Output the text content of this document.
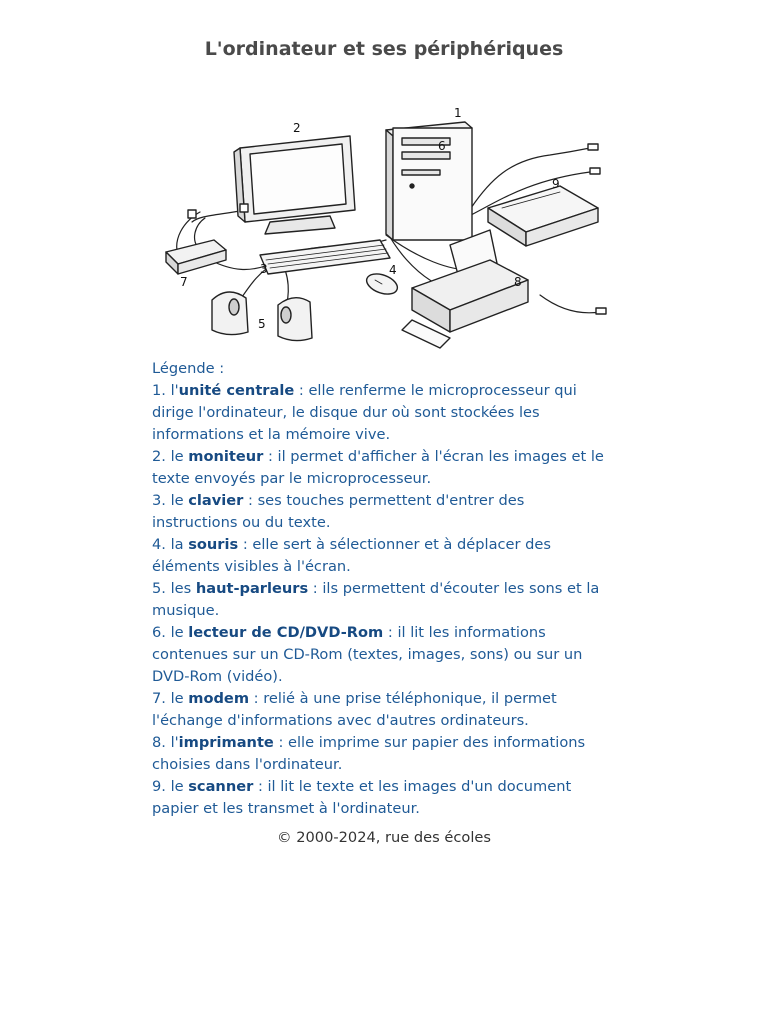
L'ordinateur et ses périphériques
1
2
3	4
5
6
7	8
9

Légende :

1. l'unité centrale : elle renferme le microprocesseur qui dirige l'ordinateur, le disque dur où sont stockées les informations et la mémoire vive.

2. le moniteur : il permet d'afficher à l'écran les images et le texte envoyés par le microprocesseur.

3. le clavier : ses touches permettent d'entrer des instructions ou du texte.

4. la souris : elle sert à sélectionner et à déplacer des éléments visibles à l'écran.

5. les haut-parleurs : ils permettent d'écouter les sons et la musique.

6. le lecteur de CD/DVD-Rom : il lit les informations contenues sur un CD-Rom (textes, images, sons) ou sur un DVD-Rom (vidéo).

7. le modem : relié à une prise téléphonique, il permet l'échange d'informations avec d'autres ordinateurs.

8. l'imprimante : elle imprime sur papier des informations choisies dans l'ordinateur.

9. le scanner : il lit le texte et les images d'un document papier et les transmet à l'ordinateur.

© 2000-2024, rue des écoles
